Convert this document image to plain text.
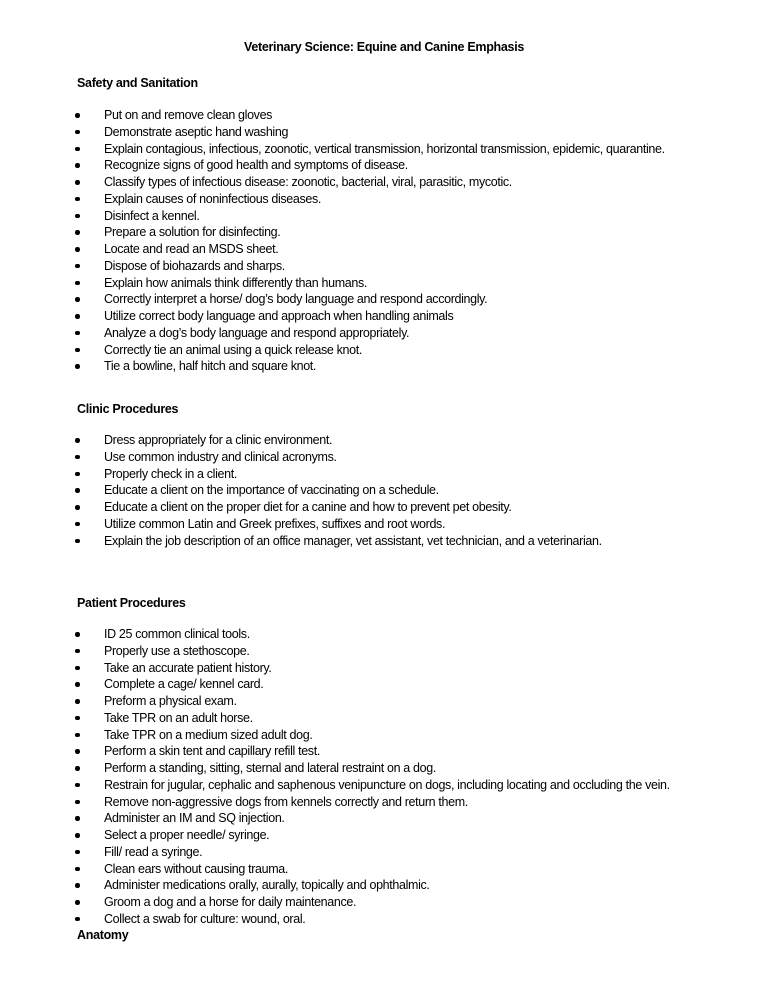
Veterinary Science: Equine and Canine Emphasis
Safety and Sanitation
Put on and remove clean gloves
Demonstrate aseptic hand washing
Explain contagious, infectious, zoonotic, vertical transmission, horizontal transmission, epidemic, quarantine.
Recognize signs of good health and symptoms of disease.
Classify types of infectious disease: zoonotic, bacterial, viral, parasitic, mycotic.
Explain causes of noninfectious diseases.
Disinfect a kennel.
Prepare a solution for disinfecting.
Locate and read an MSDS sheet.
Dispose of biohazards and sharps.
Explain how animals think differently than humans.
Correctly interpret a horse/ dog’s body language and respond accordingly.
Utilize correct body language and approach when handling animals
Analyze a dog’s body language and respond appropriately.
Correctly tie an animal using a quick release knot.
Tie a bowline, half hitch and square knot.
Clinic Procedures
Dress appropriately for a clinic environment.
Use common industry and clinical acronyms.
Properly check in a client.
Educate a client on the importance of vaccinating on a schedule.
Educate a client on the proper diet for a canine and how to prevent pet obesity.
Utilize common Latin and Greek prefixes, suffixes and root words.
Explain the job description of an office manager, vet assistant, vet technician, and a veterinarian.
Patient Procedures
ID 25 common clinical tools.
Properly use a stethoscope.
Take an accurate patient history.
Complete a cage/ kennel card.
Preform a physical exam.
Take TPR on an adult horse.
Take TPR on a medium sized adult dog.
Perform a skin tent and capillary refill test.
Perform a standing, sitting, sternal and lateral restraint on a dog.
Restrain for jugular, cephalic and saphenous venipuncture on dogs, including locating and occluding the vein.
Remove non-aggressive dogs from kennels correctly and return them.
Administer an IM and SQ injection.
Select a proper needle/ syringe.
Fill/ read a syringe.
Clean ears without causing trauma.
Administer medications orally, aurally, topically and ophthalmic.
Groom a dog and a horse for daily maintenance.
Collect a swab for culture: wound, oral.
Anatomy
